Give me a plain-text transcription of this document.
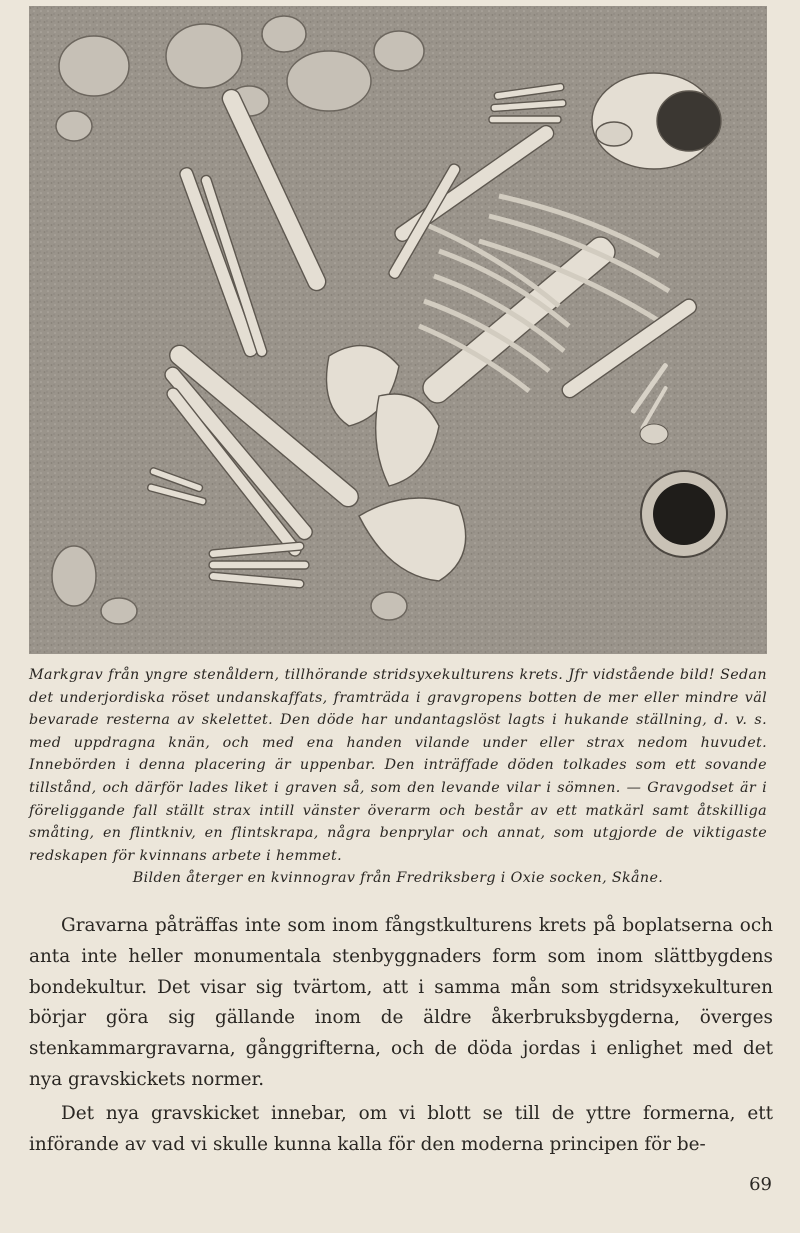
Markgrav från yngre stenåldern, tillhörande stridsyxekulturens krets. Jfr vidstående bild! Sedan det underjordiska röset undanskaffats, framträda i gravgropens botten de mer eller mindre väl bevarade resterna av skelettet. Den döde har undantagslöst lagts i hukande ställning, d. v. s. med uppdragna knän, och med ena handen vilande under eller strax nedom huvudet. Innebörden i denna placering är uppenbar. Den inträffade döden tolkades som ett sovande tillstånd, och därför lades liket i graven så, som den levande vilar i sömnen. — Gravgodset är i föreliggande fall ställt strax intill vänster överarm och består av ett matkärl samt åtskilliga småting, en flintkniv, en flintskrapa, några benprylar och annat, som utgjorde de viktigaste redskapen för kvinnans arbete i hemmet.

Bilden återger en kvinnograv från Fredriksberg i Oxie socken, Skåne.

Gravarna påträffas inte som inom fångstkulturens krets på boplatserna och anta inte heller monumentala stenbyggnaders form som inom slättbygdens bondekultur. Det visar sig tvärtom, att i samma mån som stridsyxekulturen börjar göra sig gällande inom de äldre åkerbruksbygderna, överges stenkammargravarna, gånggrifterna, och de döda jordas i enlighet med det nya gravskickets normer.

Det nya gravskicket innebar, om vi blott se till de yttre formerna, ett införande av vad vi skulle kunna kalla för den moderna principen för be-

69
